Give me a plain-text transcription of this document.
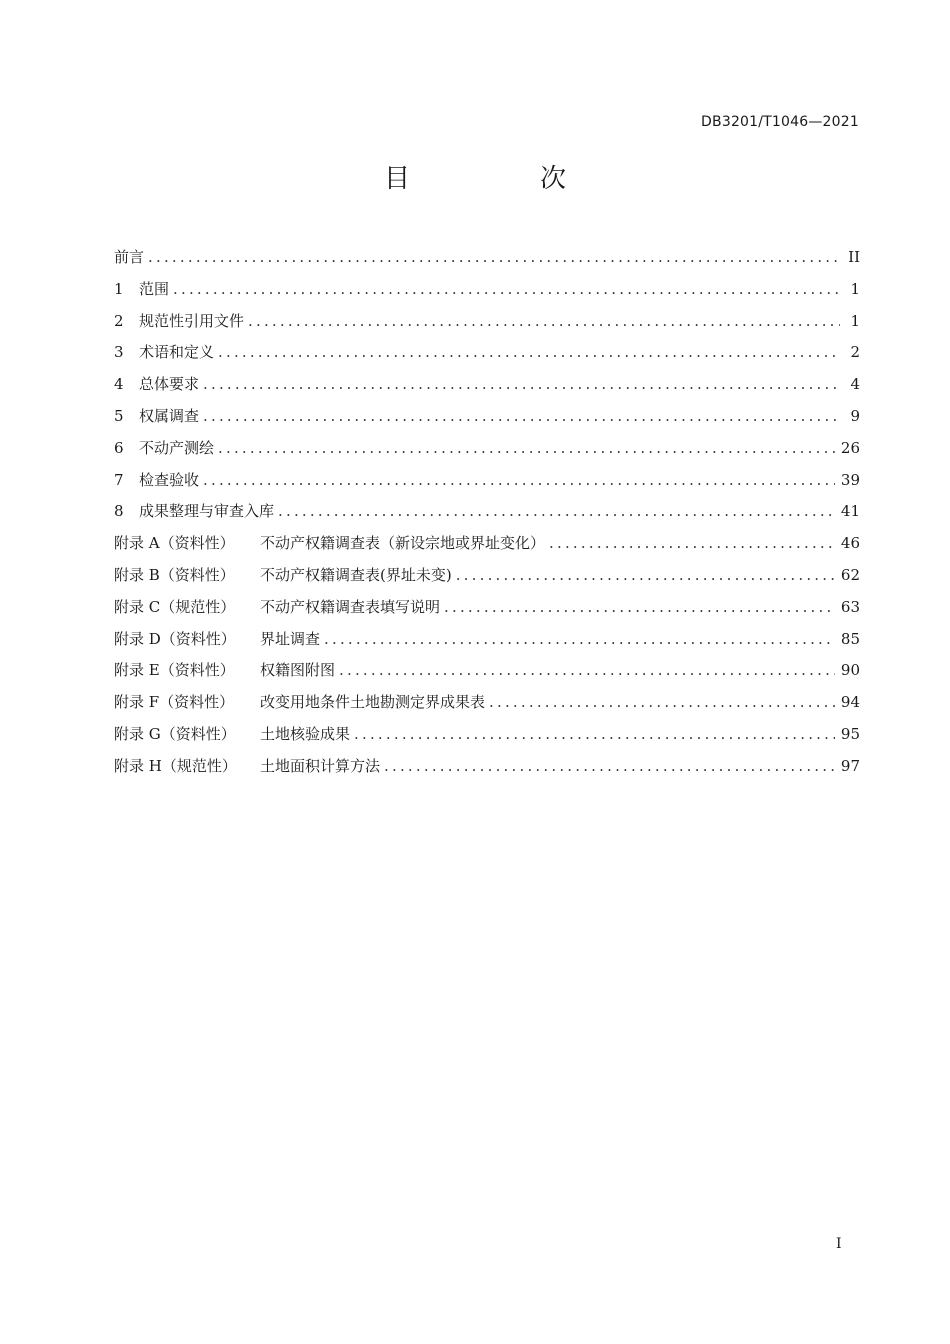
DB3201/T1046—2021
目　次
前言 .....	II
1	范围 .....	1
2	规范性引用文件 .....	1
3	术语和定义 .....	2
4	总体要求 .....	4
5	权属调查 .....	9
6	不动产测绘 .....	26
7	检查验收 .....	39
8	成果整理与审查入库 .....	41
附录 A（资料性）	不动产权籍调查表（新设宗地或界址变化） .....	46
附录 B（资料性）	不动产权籍调查表(界址未变) .....	62
附录 C（规范性）	不动产权籍调查表填写说明 .....	63
附录 D（资料性）	界址调查 .....	85
附录 E（资料性）	权籍图附图 .....	90
附录 F（资料性）	改变用地条件土地勘测定界成果表 .....	94
附录 G（资料性）	土地核验成果 .....	95
附录 H（规范性）	土地面积计算方法 .....	97
I
